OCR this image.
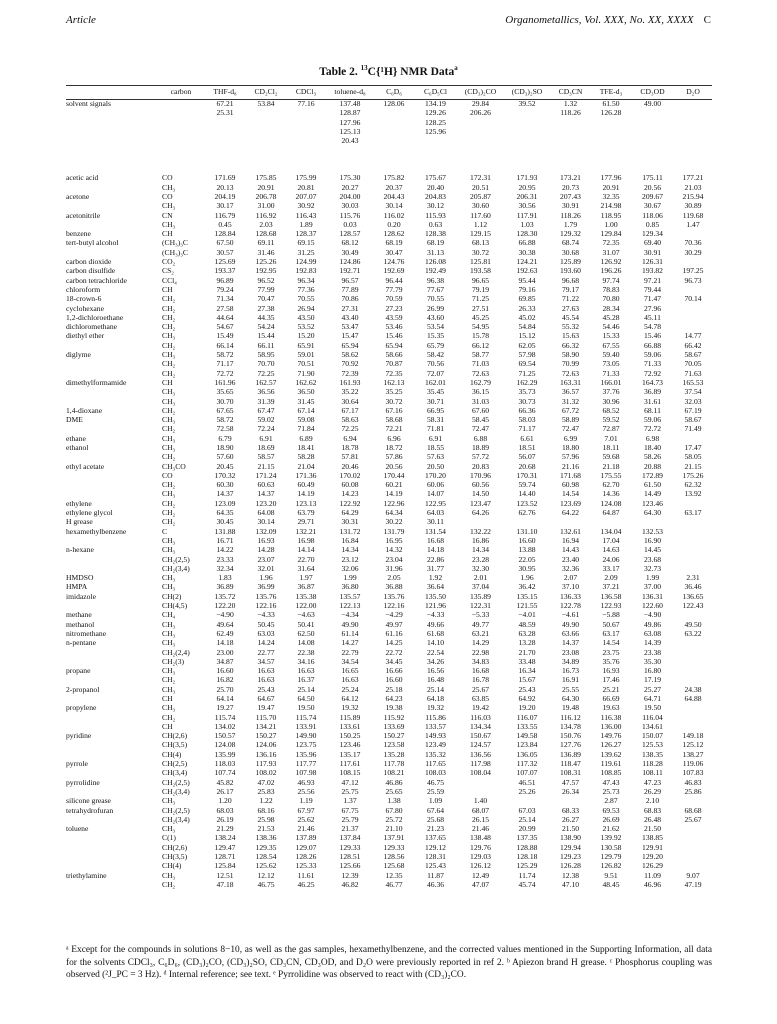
Article	Organometallics, Vol. XXX, No. XX, XXXX C
Table 2. $^{13}$C{¹H} NMR Data$^a$
	carbon	THF-d₈	CD₂Cl₂	CDCl₃	toluene-d₈	C₆D₆	C₆D₅Cl	(CD₃)₂CO	(CD₃)₂SO	CD₃CN	TFE-d₃	CD₃OD	D₂O
solvent signals		67.21	53.84	77.16	137.48	128.06	134.19	29.84	39.52	1.32	61.50	49.00	
		25.31			128.87		129.26	206.26		118.26	126.28		
					127.96		128.25						
					125.13		125.96						
					20.43								

acetic acid	CO	171.69	175.85	175.99	175.30	175.82	175.67	172.31	171.93	173.21	177.96	175.11	177.21
	CH₃	20.13	20.91	20.81	20.27	20.37	20.40	20.51	20.95	20.73	20.91	20.56	21.03
acetone	CO	204.19	206.78	207.07	204.00	204.43	204.83	205.87	206.31	207.43	32.35	209.67	215.94
	CH₃	30.17	31.00	30.92	30.03	30.14	30.12	30.60	30.56	30.91	214.98	30.67	30.89
acetonitrile	CN	116.79	116.92	116.43	115.76	116.02	115.93	117.60	117.91	118.26	118.95	118.06	119.68
	CH₃	0.45	2.03	1.89	0.03	0.20	0.63	1.12	1.03	1.79	1.00	0.85	1.47
benzene	CH	128.84	128.68	128.37	128.57	128.62	128.38	129.15	128.30	129.32	129.84	129.34	
tert-butyl alcohol	(CH₃)₃C	67.50	69.11	69.15	68.12	68.19	68.19	68.13	66.88	68.74	72.35	69.40	70.36
	(CH₃)₃C	30.57	31.46	31.25	30.49	30.47	31.13	30.72	30.38	30.68	31.07	30.91	30.29
carbon dioxide	CO₂	125.69	125.26	124.99	124.86	124.76	126.08	125.81	124.21	125.89	126.92	126.31	
carbon disulfide	CS₂	193.37	192.95	192.83	192.71	192.69	192.49	193.58	192.63	193.60	196.26	193.82	197.25
carbon tetrachloride	CCl₄	96.89	96.52	96.34	96.57	96.44	96.38	96.65	95.44	96.68	97.74	97.21	96.73
chloroform	CH	79.24	77.99	77.36	77.89	77.79	77.67	79.19	79.16	79.17	78.83	79.44	
18-crown-6	CH₂	71.34	70.47	70.55	70.86	70.59	70.55	71.25	69.85	71.22	70.80	71.47	70.14
cyclohexane	CH₂	27.58	27.38	26.94	27.31	27.23	26.99	27.51	26.33	27.63	28.34	27.96	
1,2-dichloroethane	CH₂	44.64	44.35	43.50	43.40	43.59	43.60	45.25	45.02	45.54	45.28	45.11	
dichloromethane	CH₂	54.67	54.24	53.52	53.47	53.46	53.54	54.95	54.84	55.32	54.46	54.78	
diethyl ether	CH₃	15.49	15.44	15.20	15.47	15.46	15.35	15.78	15.12	15.63	15.33	15.46	14.77
	CH₂	66.14	66.11	65.91	65.94	65.94	65.79	66.12	62.05	66.32	67.55	66.88	66.42
diglyme	CH₃	58.72	58.95	59.01	58.62	58.66	58.42	58.77	57.98	58.90	59.40	59.06	58.67
	CH₂	71.17	70.70	70.51	70.92	70.87	70.56	71.03	69.54	70.99	73.05	71.33	70.05
	CH₂	72.72	72.25	71.90	72.39	72.35	72.07	72.63	71.25	72.63	71.33	72.92	71.63
dimethylformamide	CH	161.96	162.57	162.62	161.93	162.13	162.01	162.79	162.29	163.31	166.01	164.73	165.53
	CH₃	35.65	36.56	36.50	35.22	35.25	35.45	36.15	35.73	36.57	37.76	36.89	37.54
	CH₃	30.70	31.39	31.45	30.64	30.72	30.71	31.03	30.73	31.32	30.96	31.61	32.03
1,4-dioxane	CH₂	67.65	67.47	67.14	67.17	67.16	66.95	67.60	66.36	67.72	68.52	68.11	67.19
DME	CH₃	58.72	59.02	59.08	58.63	58.68	58.31	58.45	58.03	58.89	59.52	59.06	58.67
	CH₂	72.58	72.24	71.84	72.25	72.21	71.81	72.47	71.17	72.47	72.87	72.72	71.49
ethane	CH₃	6.79	6.91	6.89	6.94	6.96	6.91	6.88	6.61	6.99	7.01	6.98	
ethanol	CH₃	18.90	18.69	18.41	18.78	18.72	18.55	18.89	18.51	18.80	18.11	18.40	17.47
	CH₂	57.60	58.57	58.28	57.81	57.86	57.63	57.72	56.07	57.96	59.68	58.26	58.05
ethyl acetate	CH₃CO	20.45	21.15	21.04	20.46	20.56	20.50	20.83	20.68	21.16	21.18	20.88	21.15
	CO	170.32	171.24	171.36	170.02	170.44	170.20	170.96	170.31	171.68	175.55	172.89	175.26
	CH₂	60.30	60.63	60.49	60.08	60.21	60.06	60.56	59.74	60.98	62.70	61.50	62.32
	CH₃	14.37	14.37	14.19	14.23	14.19	14.07	14.50	14.40	14.54	14.36	14.49	13.92
ethylene	CH₂	123.09	123.20	123.13	122.92	122.96	122.95	123.47	123.52	123.69	124.08	123.46	
ethylene glycol	CH₂	64.35	64.08	63.79	64.29	64.34	64.03	64.26	62.76	64.22	64.87	64.30	63.17
H grease	CH₂	30.45	30.14	29.71	30.31	30.22	30.11						
hexamethylbenzene	C	131.88	132.09	132.21	131.72	131.79	131.54	132.22	131.10	132.61	134.04	132.53	
	CH₃	16.71	16.93	16.98	16.84	16.95	16.68	16.86	16.60	16.94	17.04	16.90	
n-hexane	CH₃	14.22	14.28	14.14	14.34	14.32	14.18	14.34	13.88	14.43	14.63	14.45	
	CH₂(2,5)	23.33	23.07	22.70	23.12	23.04	22.86	23.28	22.05	23.40	24.06	23.68	
	CH₂(3,4)	32.34	32.01	31.64	32.06	31.96	31.77	32.30	30.95	32.36	33.17	32.73	
HMDSO	CH₃	1.83	1.96	1.97	1.99	2.05	1.92	2.01	1.96	2.07	2.09	1.99	2.31
HMPA	CH₃	36.89	36.99	36.87	36.80	36.88	36.64	37.04	36.42	37.10	37.21	37.00	36.46
imidazole	CH(2)	135.72	135.76	135.38	135.57	135.76	135.50	135.89	135.15	136.33	136.58	136.31	136.65
	CH(4,5)	122.20	122.16	122.00	122.13	122.16	121.96	122.31	121.55	122.78	122.93	122.60	122.43
methane	CH₄	−4.90	−4.33	−4.63	−4.34	−4.29	−4.33	−5.33	−4.01	−4.61	−5.88	−4.90	
methanol	CH₃	49.64	50.45	50.41	49.90	49.97	49.66	49.77	48.59	49.90	50.67	49.86	49.50
nitromethane	CH₃	62.49	63.03	62.50	61.14	61.16	61.68	63.21	63.28	63.66	63.17	63.08	63.22
n-pentane	CH₃	14.18	14.24	14.08	14.27	14.25	14.10	14.29	13.28	14.37	14.54	14.39	
	CH₂(2,4)	23.00	22.77	22.38	22.79	22.72	22.54	22.98	21.70	23.08	23.75	23.38	
	CH₂(3)	34.87	34.57	34.16	34.54	34.45	34.26	34.83	33.48	34.89	35.76	35.30	
propane	CH₃	16.60	16.63	16.63	16.65	16.66	16.56	16.68	16.34	16.73	16.93	16.80	
	CH₂	16.82	16.63	16.37	16.63	16.60	16.48	16.78	15.67	16.91	17.46	17.19	
2-propanol	CH₃	25.70	25.43	25.14	25.24	25.18	25.14	25.67	25.43	25.55	25.21	25.27	24.38
	CH	64.14	64.67	64.50	64.12	64.23	64.18	63.85	64.92	64.30	66.69	64.71	64.88
propylene	CH₃	19.27	19.47	19.50	19.32	19.38	19.32	19.42	19.20	19.48	19.63	19.50	
	CH₂	115.74	115.70	115.74	115.89	115.92	115.86	116.03	116.07	116.12	116.38	116.04	
	CH	134.02	134.21	133.91	133.61	133.69	133.57	134.34	133.55	134.78	136.00	134.61	
pyridine	CH(2,6)	150.57	150.27	149.90	150.25	150.27	149.93	150.67	149.58	150.76	149.76	150.07	149.18
	CH(3,5)	124.08	124.06	123.75	123.46	123.58	123.49	124.57	123.84	127.76	126.27	125.53	125.12
	CH(4)	135.99	136.16	135.96	135.17	135.28	135.32	136.56	136.05	136.89	139.62	138.35	138.27
pyrrole	CH(2,5)	118.03	117.93	117.77	117.61	117.78	117.65	117.98	117.32	118.47	119.61	118.28	119.06
	CH(3,4)	107.74	108.02	107.98	108.15	108.21	108.03	108.04	107.07	108.31	108.85	108.11	107.83
pyrrolidine	CH₂(2,5)	45.82	47.02	46.93	47.12	46.86	46.75		46.51	47.57	47.43	47.23	46.83
	CH₂(3,4)	26.17	25.83	25.56	25.75	25.65	25.59		25.26	26.34	25.73	26.29	25.86
silicone grease	CH₃	1.20	1.22	1.19	1.37	1.38	1.09	1.40			2.87	2.10	
tetrahydrofuran	CH₂(2,5)	68.03	68.16	67.97	67.75	67.80	67.64	68.07	67.03	68.33	69.53	68.83	68.68
	CH₂(3,4)	26.19	25.98	25.62	25.79	25.72	25.68	26.15	25.14	26.27	26.69	26.48	25.67
toluene	CH₃	21.29	21.53	21.46	21.37	21.10	21.23	21.46	20.99	21.50	21.62	21.50	
	C(1)	138.24	138.36	137.89	137.84	137.91	137.65	138.48	137.35	138.90	139.92	138.85	
	CH(2,6)	129.47	129.35	129.07	129.33	129.33	129.12	129.76	128.88	129.94	130.58	129.91	
	CH(3,5)	128.71	128.54	128.26	128.51	128.56	128.31	129.03	128.18	129.23	129.79	129.20	
	CH(4)	125.84	125.62	125.33	125.66	125.68	125.43	126.12	125.29	126.28	126.82	126.29	
triethylamine	CH₃	12.51	12.12	11.61	12.39	12.35	11.87	12.49	11.74	12.38	9.51	11.09	9.07
	CH₂	47.18	46.75	46.25	46.82	46.77	46.36	47.07	45.74	47.10	48.45	46.96	47.19
ᵃ Except for the compounds in solutions 8−10, as well as the gas samples, hexamethylbenzene, and the corrected values mentioned in the Supporting Information, all data for the solvents CDCl₃, C₆D₆, (CD₃)₂CO, (CD₃)₂SO, CD₃CN, CD₃OD, and D₂O were previously reported in ref 2. ᵇ Apiezon brand H grease. ᶜ Phosphorus coupling was observed (²J_PC = 3 Hz). ᵈ Internal reference; see text. ᵉ Pyrrolidine was observed to react with (CD₃)₂CO.
